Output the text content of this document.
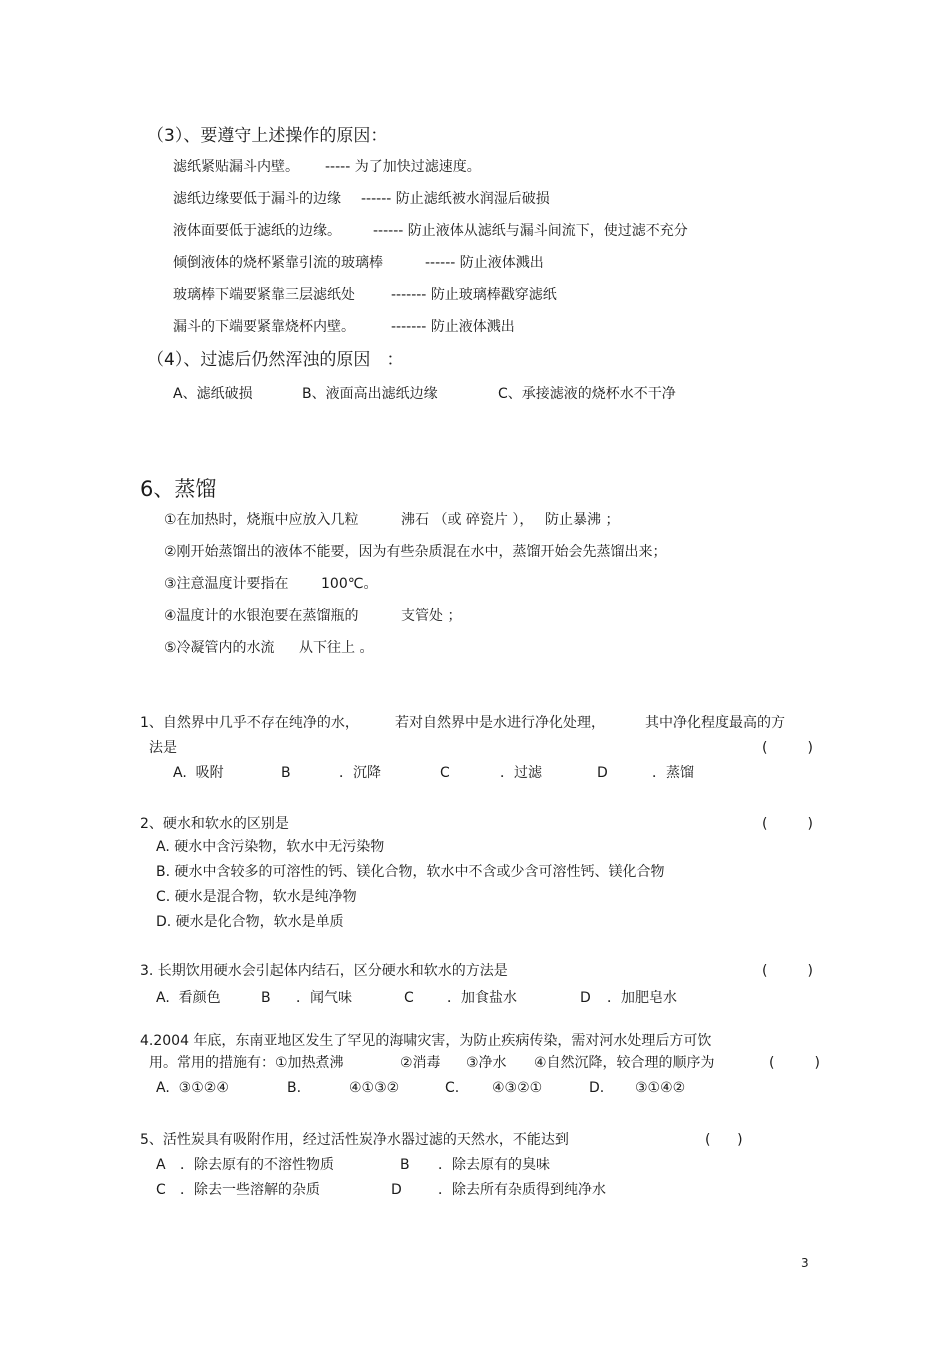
（3）、要遵守上述操作的原因：
滤纸紧贴漏斗内壁。 ----- 为了加快过滤速度。
滤纸边缘要低于漏斗的边缘 ------ 防止滤纸被水润湿后破损
液体面要低于滤纸的边缘。 ------ 防止液体从滤纸与漏斗间流下，使过滤不充分
倾倒液体的烧杯紧靠引流的玻璃棒	------ 防止液体溅出
玻璃棒下端要紧靠三层滤纸处	------- 防止玻璃棒戳穿滤纸
漏斗的下端要紧靠烧杯内壁。	------- 防止液体溅出
（4）、过滤后仍然浑浊的原因   ：
A、滤纸破损	B、液面高出滤纸边缘	C、承接滤液的烧杯水不干净
6、蒸馏
①在加热时，烧瓶中应放入几粒	沸石 （或 碎瓷片 ）， 防止暴沸 ；
②刚开始蒸馏出的液体不能要，因为有些杂质混在水中，蒸馏开始会先蒸馏出来；
③注意温度计要指在 100℃。
④温度计的水银泡要在蒸馏瓶的	支管处 ；
⑤冷凝管内的水流 从下往上 。
1、自然界中几乎不存在纯净的水，	若对自然界中是水进行净化处理，	其中净化程度最高的方
法是	(         )
A.  吸附	B	．沉降	C	．过滤	D	．蒸馏
2、硬水和软水的区别是	(         )
A. 硬水中含污染物，软水中无污染物
B. 硬水中含较多的可溶性的钙、镁化合物，软水中不含或少含可溶性钙、镁化合物
C. 硬水是混合物，软水是纯净物
D. 硬水是化合物，软水是单质
3. 长期饮用硬水会引起体内结石，区分硬水和软水的方法是	(         )
A.  看颜色	B ．闻气味	C ．加食盐水	D ．加肥皂水
4.2004 年底，东南亚地区发生了罕见的海啸灾害，为防止疾病传染，需对河水处理后方可饮
用。常用的措施有：①加热煮沸	②消毒 ③净水 ④自然沉降，较合理的顺序为	(         )
A.  ③①②④	B.	④①③②	C. ④③②①	D. ③①④②
5、活性炭具有吸附作用，经过活性炭净水器过滤的天然水，不能达到	(      )
A ．除去原有的不溶性物质	B ．除去原有的臭味
C ．除去一些溶解的杂质	D	．除去所有杂质得到纯净水
3
